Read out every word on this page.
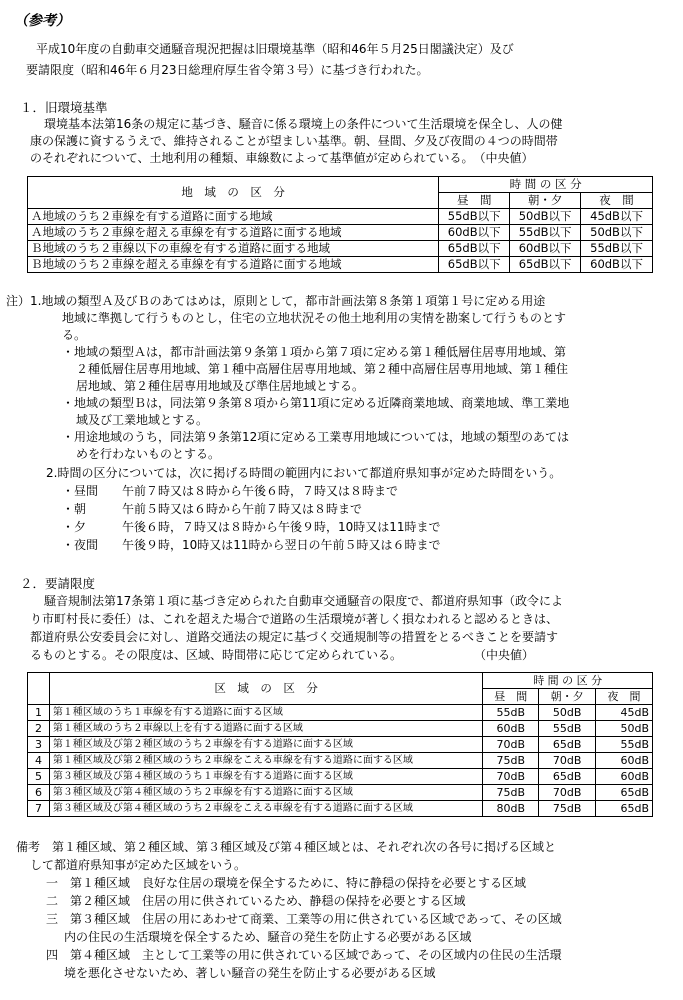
（参考）
平成10年度の自動車交通騒音現況把握は旧環境基準（昭和46年５月25日閣議決定）及び
要請限度（昭和46年６月23日総理府厚生省令第３号）に基づき行われた。
１．旧環境基準
環境基本法第16条の規定に基づき、騒音に係る環境上の条件について生活環境を保全し、人の健
康の保護に資するうえで、維持されることが望ましい基準。朝、昼間、夕及び夜間の４つの時間帯
のそれぞれについて、土地利用の種類、車線数によって基準値が定められている。　（中央値）
地　域　の　区　分	時 間 の 区 分		
	昼　間	朝・夕	夜　間
Ａ地域のうち２車線を有する道路に面する地域	55dB以下	50dB以下	45dB以下
Ａ地域のうち２車線を超える車線を有する道路に面する地域	60dB以下	55dB以下	50dB以下
Ｂ地域のうち２車線以下の車線を有する道路に面する地域	65dB以下	60dB以下	55dB以下
Ｂ地域のうち２車線を超える車線を有する道路に面する地域	65dB以下	65dB以下	60dB以下
注）1.地域の類型Ａ及びＢのあてはめは，原則として，都市計画法第８条第１項第１号に定める用途
地域に準拠して行うものとし，住宅の立地状況その他土地利用の実情を勘案して行うものとす
る。
・地域の類型Ａは，都市計画法第９条第１項から第７項に定める第１種低層住居専用地域、第
２種低層住居専用地域、第１種中高層住居専用地域、第２種中高層住居専用地域、第１種住
居地域、第２種住居専用地域及び準住居地域とする。
・地域の類型Ｂは，同法第９条第８項から第11項に定める近隣商業地域、商業地域、準工業地
域及び工業地域とする。
・用途地域のうち，同法第９条第12項に定める工業専用地域については，地域の類型のあては
めを行わないものとする。
2.時間の区分については，次に掲げる時間の範囲内において都道府県知事が定めた時間をいう。
・昼間　　午前７時又は８時から午後６時，７時又は８時まで
・朝　　　午前５時又は６時から午前７時又は８時まで
・夕　　　午後６時，７時又は８時から午後９時，10時又は11時まで
・夜間　　午後９時，10時又は11時から翌日の午前５時又は６時まで
２．要請限度
騒音規制法第17条第１項に基づき定められた自動車交通騒音の限度で、都道府県知事（政令によ
り市町村長に委任）は、これを超えた場合で道路の生活環境が著しく損なわれると認めるときは、
都道府県公安委員会に対し、道路交通法の規定に基づく交通規制等の措置をとるべきことを要請す
るものとする。その限度は、区域、時間帯に応じて定められている。　　　　　　　（中央値）
	区　域　の　区　分	時 間 の 区 分		
		昼　間	朝・夕	夜　間
1	第１種区域のうち１車線を有する道路に面する区域	55dB	50dB	45dB
2	第１種区域のうち２車線以上を有する道路に面する区域	60dB	55dB	50dB
3	第１種区域及び第２種区域のうち２車線を有する道路に面する区域	70dB	65dB	55dB
4	第１種区域及び第２種区域のうち２車線をこえる車線を有する道路に面する区域	75dB	70dB	60dB
5	第３種区域及び第４種区域のうち１車線を有する道路に面する区域	70dB	65dB	60dB
6	第３種区域及び第４種区域のうち２車線を有する道路に面する区域	75dB	70dB	65dB
7	第３種区域及び第４種区域のうち２車線をこえる車線を有する道路に面する区域	80dB	75dB	65dB
備考　第１種区域、第２種区域、第３種区域及び第４種区域とは、それぞれ次の各号に掲げる区域と
して都道府県知事が定めた区域をいう。
一　第１種区域　良好な住居の環境を保全するために、特に静穏の保持を必要とする区域
二　第２種区域　住居の用に供されているため、静穏の保持を必要とする区域
三　第３種区域　住居の用にあわせて商業、工業等の用に供されている区域であって、その区域
内の住民の生活環境を保全するため、騒音の発生を防止する必要がある区域
四　第４種区域　主として工業等の用に供されている区域であって、その区域内の住民の生活環
境を悪化させないため、著しい騒音の発生を防止する必要がある区域
